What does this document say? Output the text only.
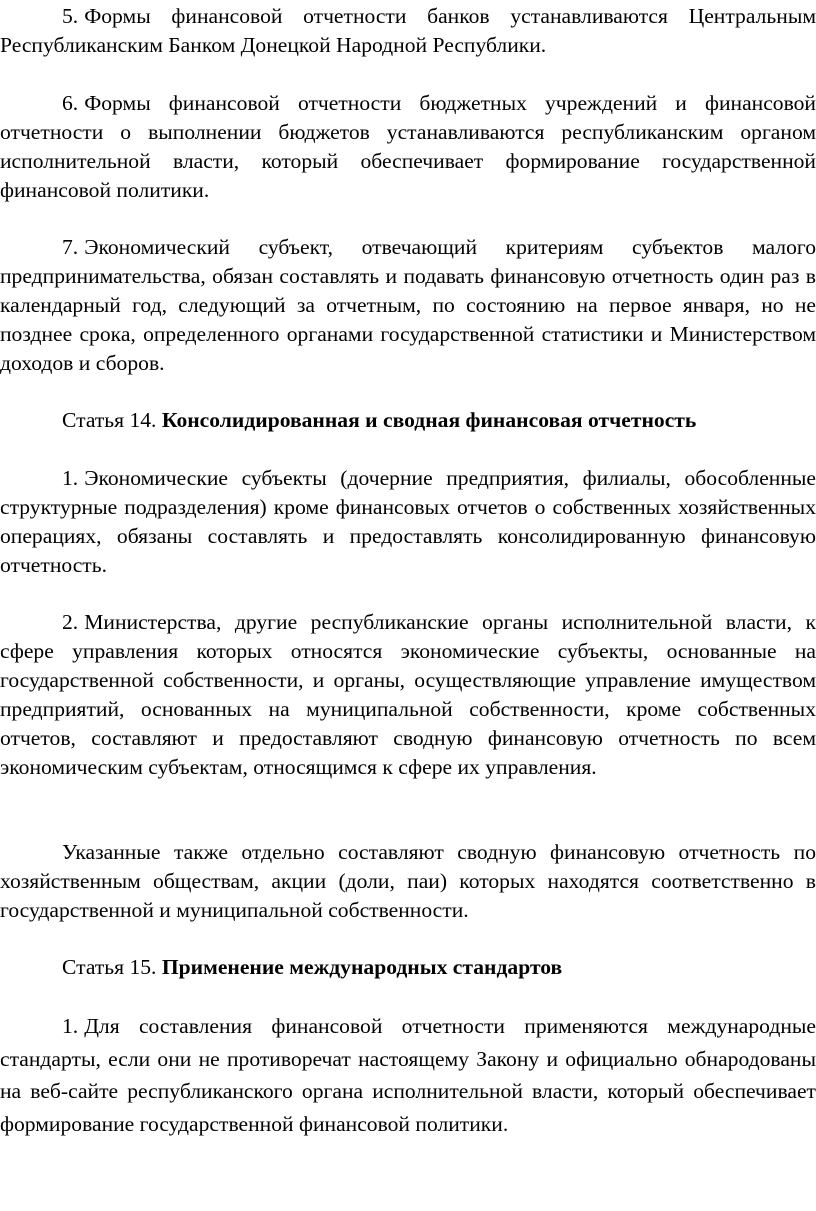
5. Формы финансовой отчетности банков устанавливаются Центральным Республиканским Банком Донецкой Народной Республики.

6. Формы финансовой отчетности бюджетных учреждений и финансовой отчетности о выполнении бюджетов устанавливаются республиканским органом исполнительной власти, который обеспечивает формирование государственной финансовой политики.

7. Экономический субъект, отвечающий критериям субъектов малого предпринимательства, обязан составлять и подавать финансовую отчетность один раз в календарный год, следующий за отчетным, по состоянию на первое января, но не позднее срока, определенного органами государственной статистики и Министерством доходов и сборов.

Статья 14. Консолидированная и сводная финансовая отчетность

1. Экономические субъекты (дочерние предприятия, филиалы, обособленные структурные подразделения) кроме финансовых отчетов о собственных хозяйственных операциях, обязаны составлять и предоставлять консолидированную финансовую отчетность.

2. Министерства, другие республиканские органы исполнительной власти, к сфере управления которых относятся экономические субъекты, основанные на государственной собственности, и органы, осуществляющие управление имуществом предприятий, основанных на муниципальной собственности, кроме собственных отчетов, составляют и предоставляют сводную финансовую отчетность по всем экономическим субъектам, относящимся к сфере их управления.

Указанные также отдельно составляют сводную финансовую отчетность по хозяйственным обществам, акции (доли, паи) которых находятся соответственно в государственной и муниципальной собственности.

Статья 15. Применение международных стандартов

1. Для составления финансовой отчетности применяются международные стандарты, если они не противоречат настоящему Закону и официально обнародованы на веб-сайте республиканского органа исполнительной власти, который обеспечивает формирование государственной финансовой политики.
